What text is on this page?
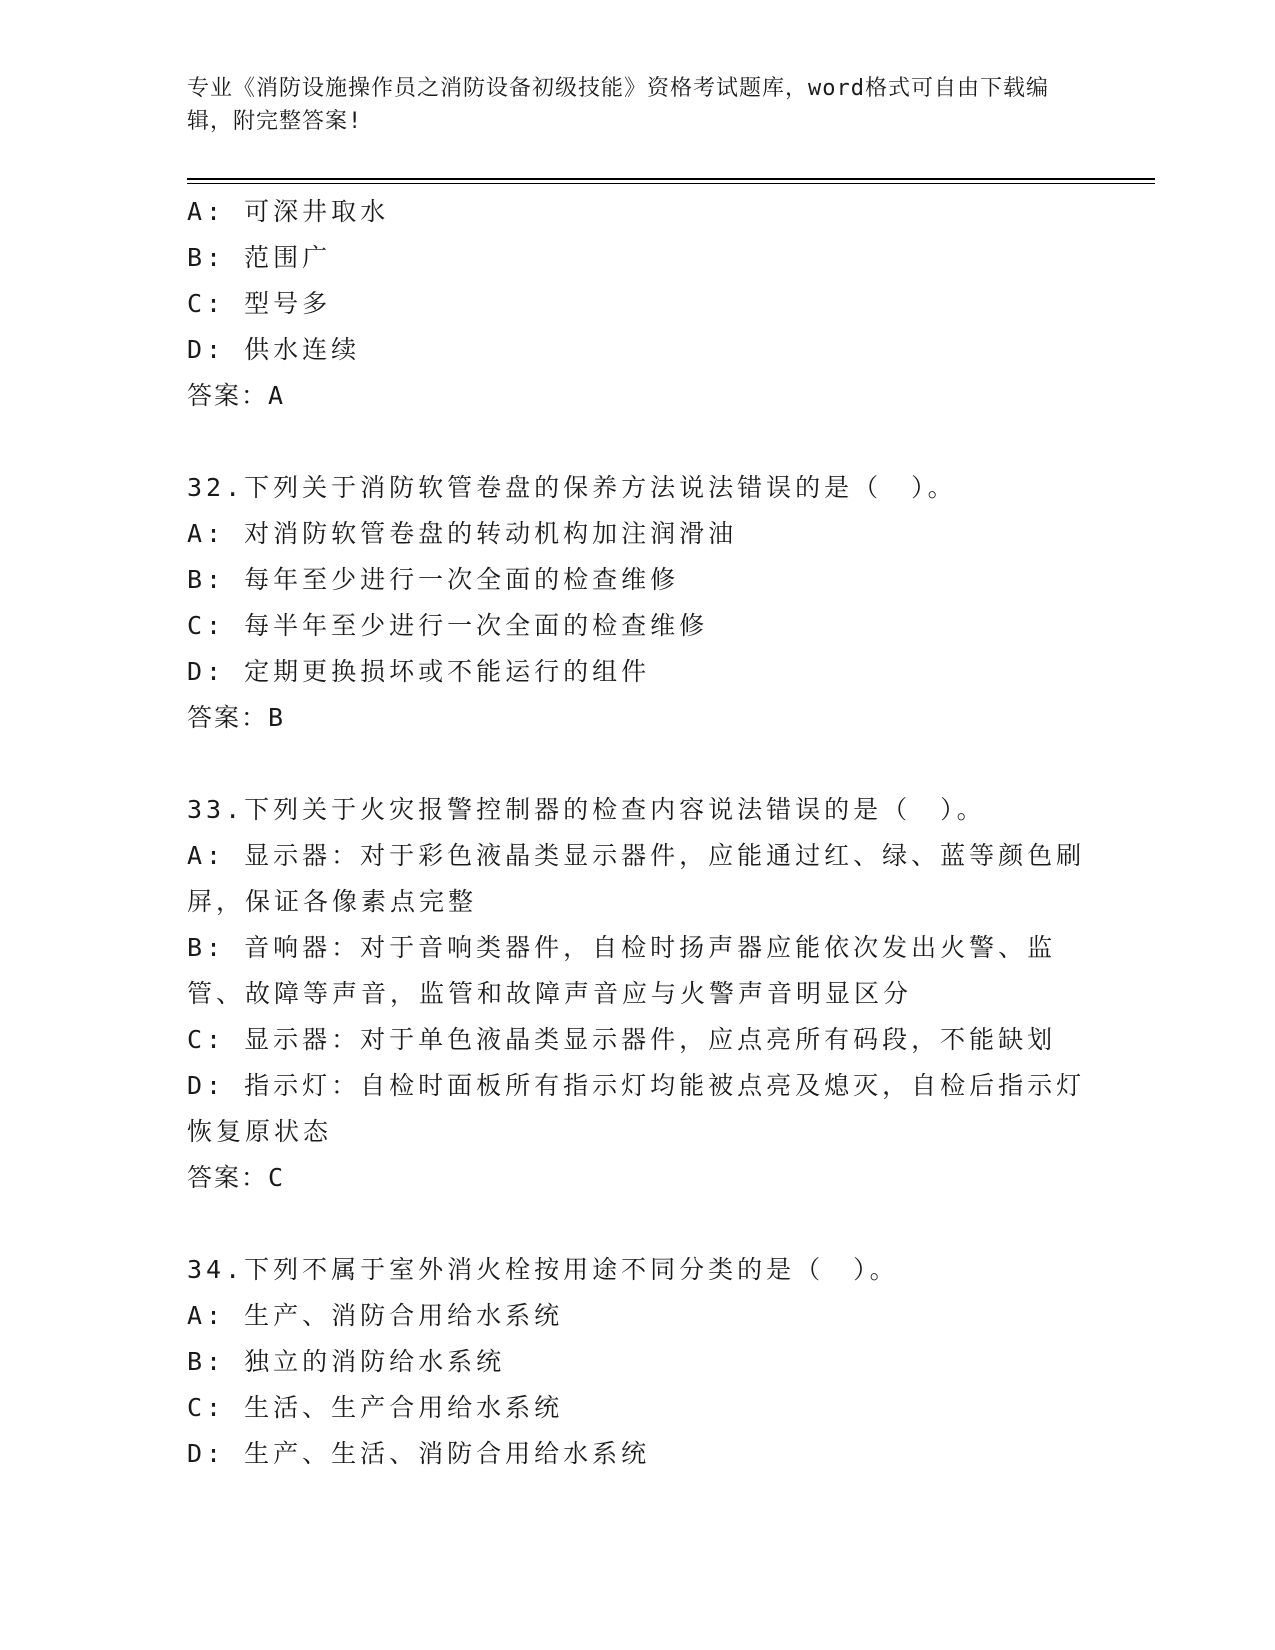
专业《消防设施操作员之消防设备初级技能》资格考试题库，word格式可自由下载编辑，附完整答案!
A: 可深井取水
B: 范围广
C: 型号多
D: 供水连续
答案：A
32.下列关于消防软管卷盘的保养方法说法错误的是（　）。
A: 对消防软管卷盘的转动机构加注润滑油
B: 每年至少进行一次全面的检查维修
C: 每半年至少进行一次全面的检查维修
D: 定期更换损坏或不能运行的组件
答案：B
33.下列关于火灾报警控制器的检查内容说法错误的是（　）。
A: 显示器：对于彩色液晶类显示器件，应能通过红、绿、蓝等颜色刷屏，保证各像素点完整
B: 音响器：对于音响类器件，自检时扬声器应能依次发出火警、监管、故障等声音，监管和故障声音应与火警声音明显区分
C: 显示器：对于单色液晶类显示器件，应点亮所有码段，不能缺划
D: 指示灯：自检时面板所有指示灯均能被点亮及熄灭，自检后指示灯恢复原状态
答案：C
34.下列不属于室外消火栓按用途不同分类的是（　）。
A: 生产、消防合用给水系统
B: 独立的消防给水系统
C: 生活、生产合用给水系统
D: 生产、生活、消防合用给水系统
